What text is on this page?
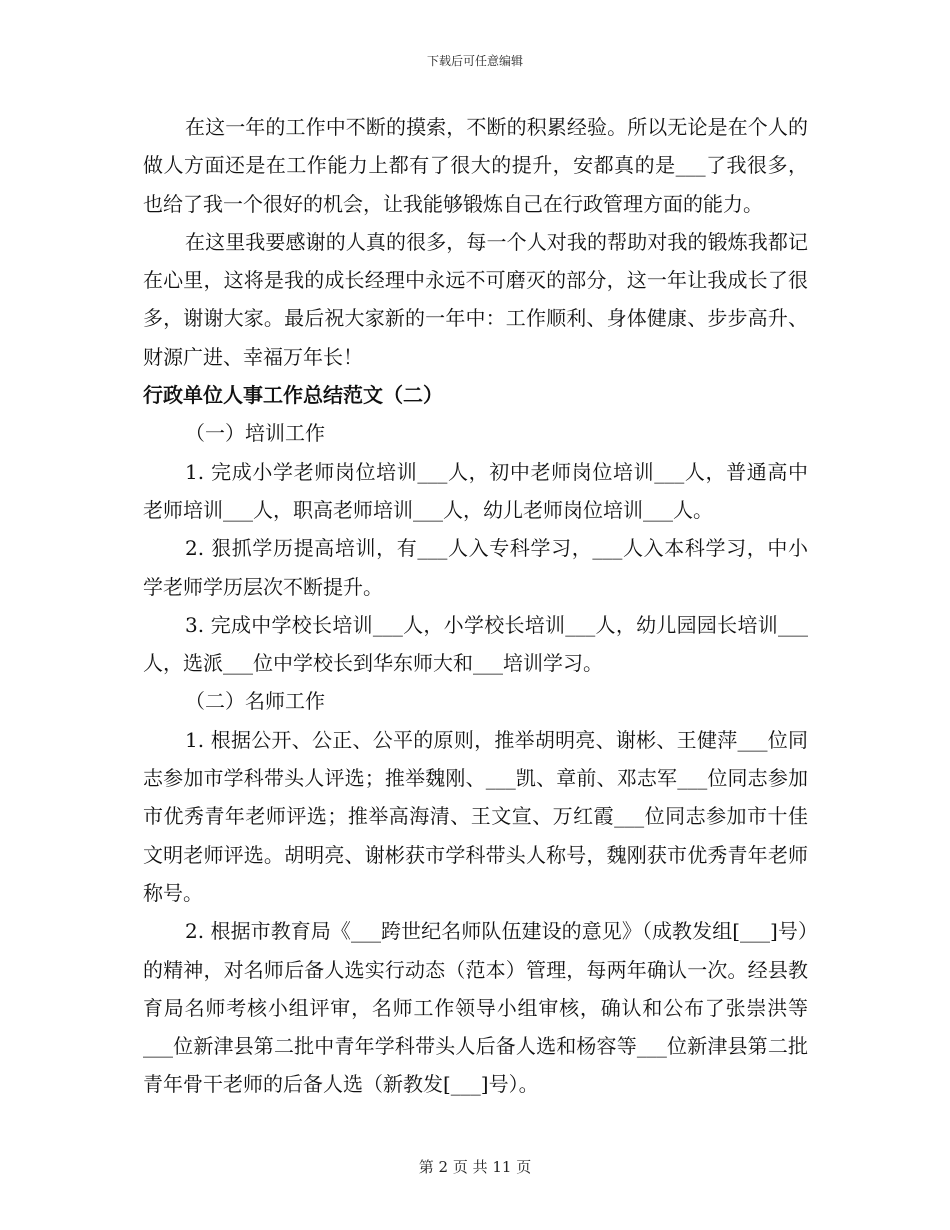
下载后可任意编辑

在这一年的工作中不断的摸索，不断的积累经验。所以无论是在个人的做人方面还是在工作能力上都有了很大的提升，安都真的是___了我很多，也给了我一个很好的机会，让我能够锻炼自己在行政管理方面的能力。

在这里我要感谢的人真的很多，每一个人对我的帮助对我的锻炼我都记在心里，这将是我的成长经理中永远不可磨灭的部分，这一年让我成长了很多，谢谢大家。最后祝大家新的一年中：工作顺利、身体健康、步步高升、财源广进、幸福万年长！

行政单位人事工作总结范文（二）

（一）培训工作

1. 完成小学老师岗位培训___人，初中老师岗位培训___人，普通高中老师培训___人，职高老师培训___人，幼儿老师岗位培训___人。

2. 狠抓学历提高培训，有___人入专科学习，___人入本科学习，中小学老师学历层次不断提升。

3. 完成中学校长培训___人，小学校长培训___人，幼儿园园长培训___人，选派___位中学校长到华东师大和___培训学习。

（二）名师工作

1. 根据公开、公正、公平的原则，推举胡明亮、谢彬、王健萍___位同志参加市学科带头人评选；推举魏刚、___凯、章前、邓志军___位同志参加市优秀青年老师评选；推举高海清、王文宣、万红霞___位同志参加市十佳文明老师评选。胡明亮、谢彬获市学科带头人称号，魏刚获市优秀青年老师称号。

2. 根据市教育局《___跨世纪名师队伍建设的意见》（成教发组[___]号）的精神，对名师后备人选实行动态（范本）管理，每两年确认一次。经县教育局名师考核小组评审，名师工作领导小组审核，确认和公布了张崇洪等___位新津县第二批中青年学科带头人后备人选和杨容等___位新津县第二批青年骨干老师的后备人选（新教发[___]号）。

第 2 页 共 11 页
